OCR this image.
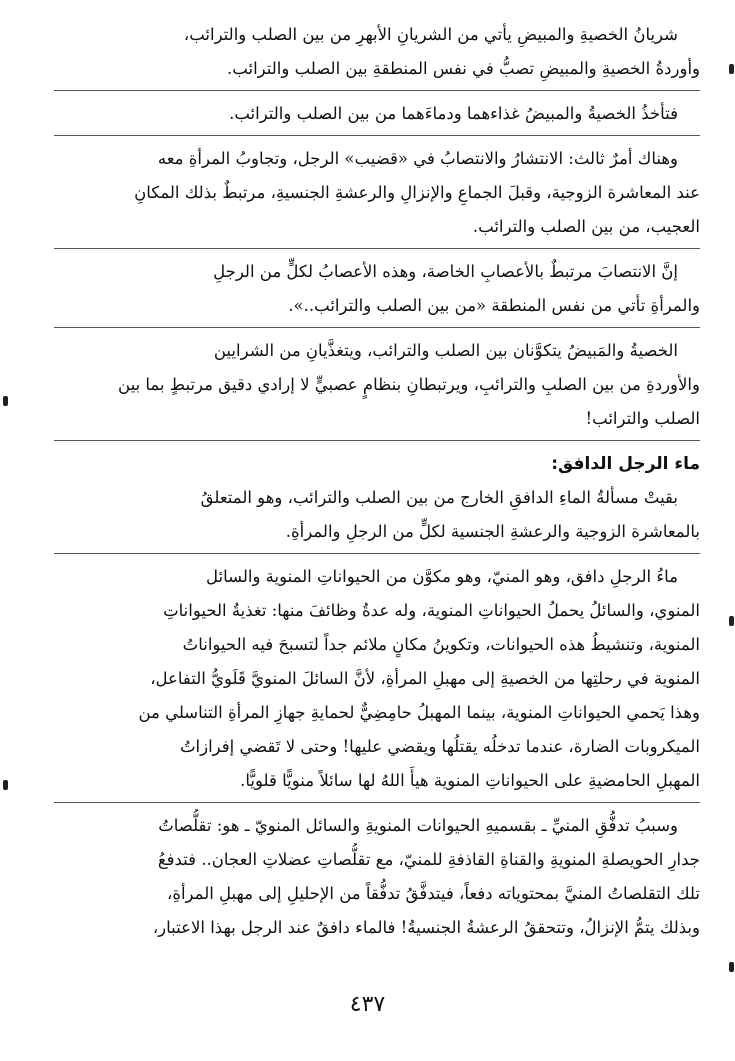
شريانُ الخصيةِ والمبيضِ يأتي من الشريانِ الأبهرِ من بين الصلب والترائب،
وأوردةُ الخصيةِ والمبيضِ تصبُّ في نفس المنطقةِ بين الصلب والترائب.

فتأخذُ الخصيةُ والمبيضُ غذاءهما ودماءَهما من بين الصلب والترائب.

وهناك أمرٌ ثالث: الانتشارُ والانتصابُ في «قضيب» الرجل، وتجاوبُ المرأةِ معه
عند المعاشرة الزوجية، وقبلَ الجماعِ والإنزالِ والرعشةِ الجنسيةِ، مرتبطٌ بذلك المكانِ
العجيب، من بين الصلب والترائب.

إنَّ الانتصابَ مرتبطٌ بالأعصابِ الخاصة، وهذه الأعصابُ لكلٍّ من الرجلِ
والمرأةِ تأتي من نفس المنطقة «من بين الصلب والترائب..».

الخصيةُ والمَبيضُ يتكوَّنان بين الصلب والترائب، ويتغذَّيانِ من الشرايين
والأوردةِ من بين الصلبِ والترائبِ، ويرتبطانِ بنظامٍ عصبيٍّ لا إرادي دقيق مرتبطٍ بما بين
الصلب والترائب!

ماء الرجل الدافق:

بقيتْ مسألةُ الماءِ الدافقِ الخارج من بين الصلب والترائب، وهو المتعلقُ
بالمعاشرة الزوجية والرعشةِ الجنسية لكلٍّ من الرجلِ والمرأةِ.

ماءُ الرجلِ دافق، وهو المنيّ، وهو مكوَّن من الحيواناتِ المنوية والسائل
المنوي، والسائلُ يحملُ الحيواناتِ المنوية، وله عدةُ وظائفَ منها: تغذيةُ الحيواناتِ
المنوية، وتنشيطُ هذه الحيوانات، وتكوينُ مكانٍ ملائم جداً لتسبحَ فيه الحيواناتُ
المنوية في رحلتِها من الخصيةِ إلى مهبلِ المرأةِ، لأنَّ السائلَ المنويَّ قَلَويُّ التفاعل،
وهذا يَحمي الحيواناتِ المنوية، بينما المهبلُ حامِضِيٌّ لحمايةِ جهازِ المرأةِ التناسلي من
الميكروبات الضارة، عندما تدخلُه يقتلُها ويقضي عليها! وحتى لا تَقضي إفرازاتُ
المهبلِ الحامضيةِ على الحيواناتِ المنوية هيأَ اللهُ لها سائلاً منويًّا قلويًّا.

وسببُ تدفُّقِ المنيِّ ـ بقسميهِ الحيوانات المنويةِ والسائل المنويّ ـ هو: تقلُّصاتُ
جدارِ الحويصلةِ المنويةِ والقناةِ القاذفةِ للمنيّ، مع تقلُّصاتِ عضلاتِ العجان.. فتدفعُ
تلك التقلصاتُ المنيَّ بمحتوياته دفعاً، فيتدفَّقُ تدفُّقاً من الإحليلِ إلى مهبلِ المرأةِ،
وبذلك يتمُّ الإنزالُ، وتتحققُ الرعشةُ الجنسيةُ! فالماء دافقٌ عند الرجل بهذا الاعتبار،

٤٣٧
